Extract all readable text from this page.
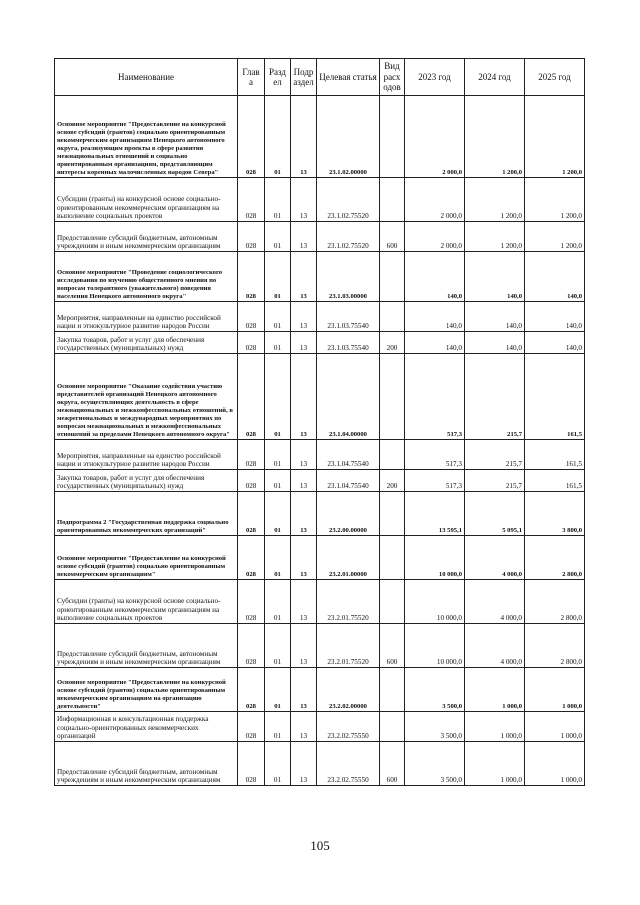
Наименование	Глав а	Разд ел	Подр аздел	Целевая статья	Вид расх одов	2023 год	2024 год	2025 год
Основное мероприятие "Предоставление на конкурсной основе субсидий (грантов) социально ориентированным некоммерческим организациям Ненецкого автономного округа, реализующим проекты в сфере развития межнациональных отношений и социально ориентированным организациям, представляющим интересы коренных малочисленных народов Севера"	028	01	13	23.1.02.00000		2 000,0	1 200,0	1 200,0
Субсидии (гранты) на конкурсной основе социально-ориентированным некоммерческим организациям на выполнение социальных проектов	028	01	13	23.1.02.75520		2 000,0	1 200,0	1 200,0
Предоставление субсидий бюджетным, автономным учреждениям и иным некоммерческим организациям	028	01	13	23.1.02.75520	600	2 000,0	1 200,0	1 200,0
Основное мероприятие "Проведение социологического исследования по изучению общественного мнения по вопросам толерантного (уважительного) поведения населения Ненецкого автономного округа"	028	01	13	23.1.03.00000		140,0	140,0	140,0
Мероприятия, направленные на единство российской нации и этнокультурное развитие народов России	028	01	13	23.1.03.75540		140,0	140,0	140,0
Закупка товаров, работ и услуг для обеспечения государственных (муниципальных) нужд	028	01	13	23.1.03.75540	200	140,0	140,0	140,0
Основное мероприятие "Оказание содействия участию представителей организаций Ненецкого автономного округа, осуществляющих деятельность в сфере межнациональных и межконфессиональных отношений, в межрегиональных и международных мероприятиях по вопросам межнациональных и межконфессиональных отношений за пределами Ненецкого автономного округа"	028	01	13	23.1.04.00000		517,3	215,7	161,5
Мероприятия, направленные на единство российской нации и этнокультурное развитие народов России	028	01	13	23.1.04.75540		517,3	215,7	161,5
Закупка товаров, работ и услуг для обеспечения государственных (муниципальных) нужд	028	01	13	23.1.04.75540	200	517,3	215,7	161,5
Подпрограмма 2 "Государственная поддержка социально ориентированных некоммерческих организаций"	028	01	13	23.2.00.00000		13 595,1	5 095,1	3 800,0
Основное мероприятие "Предоставление на конкурсной основе субсидий (грантов) социально ориентированным некоммерческим организациям"	028	01	13	23.2.01.00000		10 000,0	4 000,0	2 800,0
Субсидии (гранты) на конкурсной основе социально-ориентированным некоммерческим организациям на выполнение социальных проектов	028	01	13	23.2.01.75520		10 000,0	4 000,0	2 800,0
Предоставление субсидий бюджетным, автономным учреждениям и иным некоммерческим организациям	028	01	13	23.2.01.75520	600	10 000,0	4 000,0	2 800,0
Основное мероприятие "Предоставление на конкурсной основе субсидий (грантов) социально ориентированным некоммерческим организациям на организацию деятельности"	028	01	13	23.2.02.00000		3 500,0	1 000,0	1 000,0
Информационная и консультационная поддержка социально-ориентированных некоммерческих организаций	028	01	13	23.2.02.75550		3 500,0	1 000,0	1 000,0
Предоставление субсидий бюджетным, автономным учреждениям и иным некоммерческим организациям	028	01	13	23.2.02.75550	600	3 500,0	1 000,0	1 000,0
105
